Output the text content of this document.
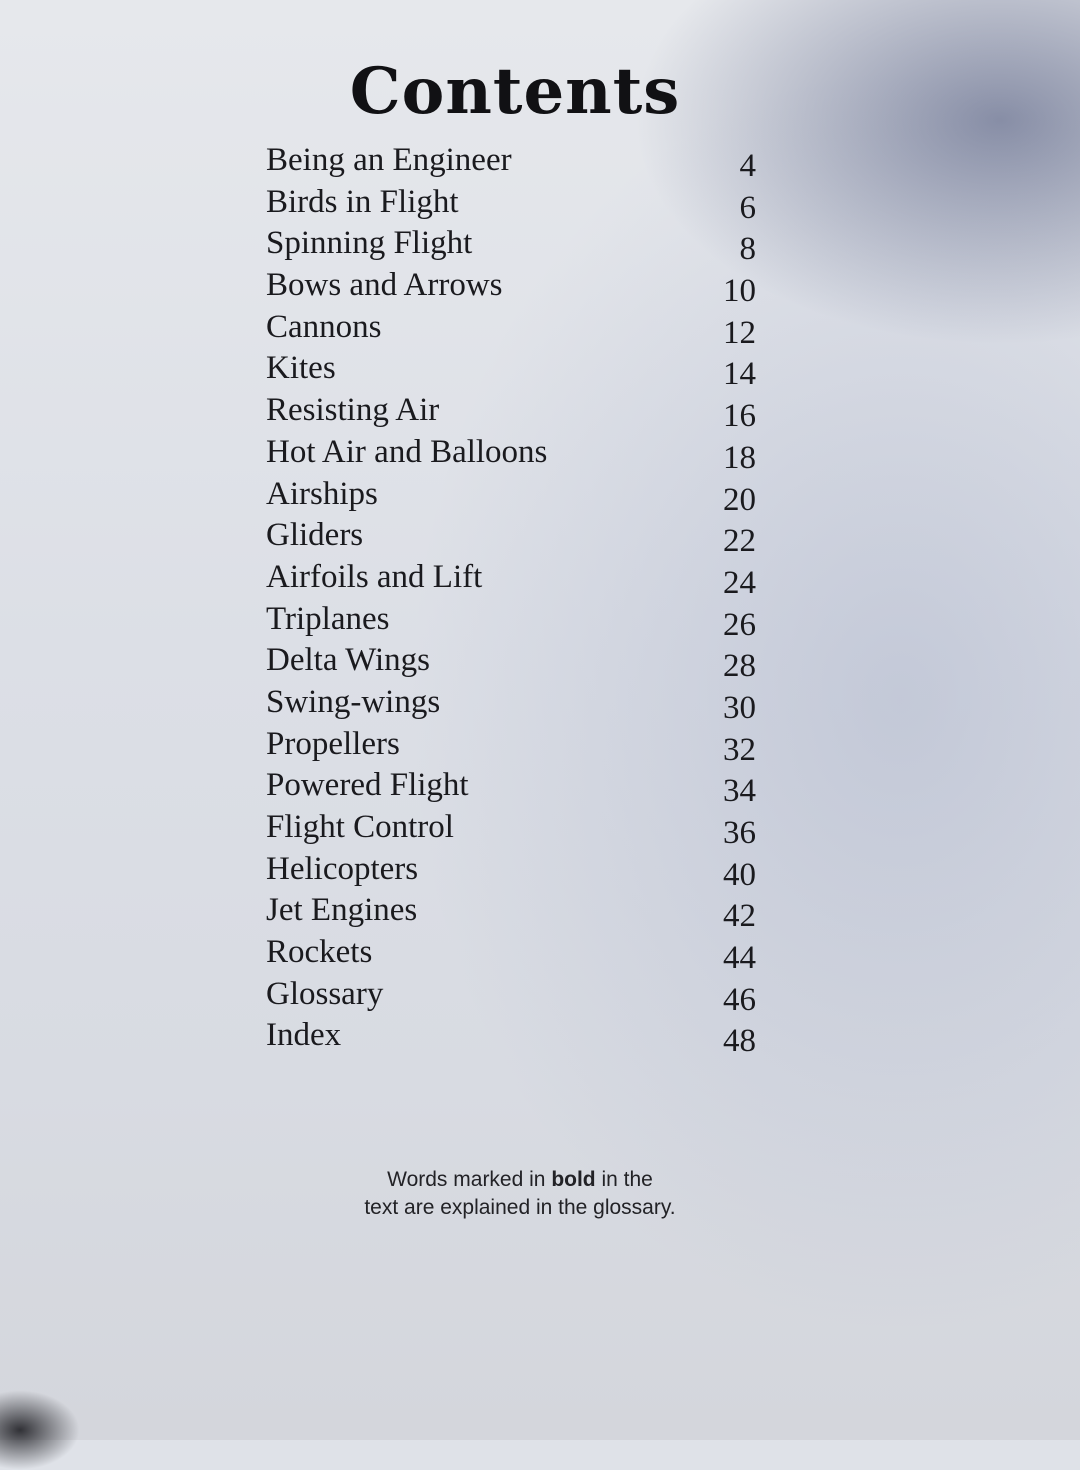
Contents
Being an Engineer	4
Birds in Flight	6
Spinning Flight	8
Bows and Arrows	10
Cannons	12
Kites	14
Resisting Air	16
Hot Air and Balloons	18
Airships	20
Gliders	22
Airfoils and Lift	24
Triplanes	26
Delta Wings	28
Swing-wings	30
Propellers	32
Powered Flight	34
Flight Control	36
Helicopters	40
Jet Engines	42
Rockets	44
Glossary	46
Index	48
Words marked in bold in the
text are explained in the glossary.
